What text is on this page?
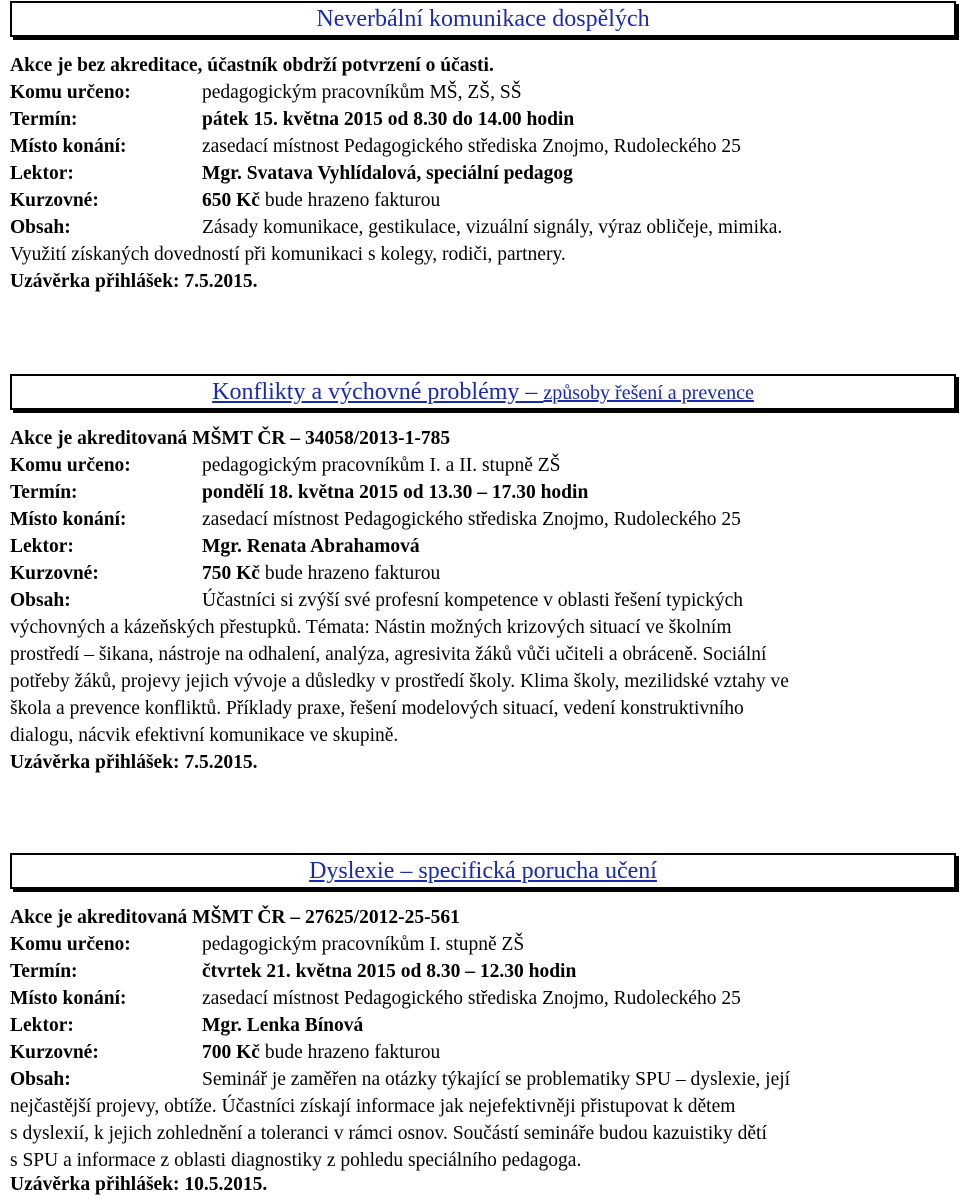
Neverbální komunikace dospělých
Akce je bez akreditace, účastník obdrží potvrzení o účasti.
Komu určeno:	pedagogickým pracovníkům MŠ, ZŠ, SŠ
Termín:	pátek 15. května 2015 od 8.30 do 14.00 hodin
Místo konání:	zasedací místnost Pedagogického střediska Znojmo, Rudoleckého 25
Lektor:	Mgr. Svatava Vyhlídalová, speciální pedagog
Kurzovné:	650 Kč bude hrazeno fakturou
Obsah:	Zásady komunikace, gestikulace, vizuální signály, výraz obličeje, mimika.
Využití získaných dovedností při komunikaci s kolegy, rodiči, partnery.
Uzávěrka přihlášek: 7.5.2015.
Konflikty a výchovné problémy – způsoby řešení a prevence
Akce je akreditovaná MŠMT ČR – 34058/2013-1-785
Komu určeno:	pedagogickým pracovníkům I. a II. stupně ZŠ
Termín:	pondělí 18. května 2015 od 13.30 – 17.30 hodin
Místo konání:	zasedací místnost Pedagogického střediska Znojmo, Rudoleckého 25
Lektor:	Mgr. Renata Abrahamová
Kurzovné:	750 Kč bude hrazeno fakturou
Obsah:	Účastníci si zvýší své profesní kompetence v oblasti řešení typických
výchovných a kázeňských přestupků. Témata: Nástin možných krizových situací ve školním
prostředí – šikana, nástroje na odhalení, analýza, agresivita žáků vůči učiteli a obráceně. Sociální
potřeby žáků, projevy jejich vývoje a důsledky v prostředí školy. Klima školy, mezilidské vztahy ve
škola a prevence konfliktů. Příklady praxe, řešení modelových situací, vedení konstruktivního
dialogu, nácvik efektivní komunikace ve skupině.
Uzávěrka přihlášek: 7.5.2015.
Dyslexie – specifická porucha učení
Akce je akreditovaná MŠMT ČR – 27625/2012-25-561
Komu určeno:	pedagogickým pracovníkům I. stupně ZŠ
Termín:	čtvrtek 21. května 2015 od 8.30 – 12.30 hodin
Místo konání:	zasedací místnost Pedagogického střediska Znojmo, Rudoleckého 25
Lektor:	Mgr. Lenka Bínová
Kurzovné:	700 Kč bude hrazeno fakturou
Obsah:	Seminář je zaměřen na otázky týkající se problematiky SPU – dyslexie, její
nejčastější projevy, obtíže. Účastníci získají informace jak nejefektivněji přistupovat k dětem
s dyslexií, k jejich zohlednění a toleranci v rámci osnov. Součástí semináře budou kazuistiky dětí
s SPU a informace z oblasti diagnostiky z pohledu speciálního pedagoga.
Uzávěrka přihlášek: 10.5.2015.
